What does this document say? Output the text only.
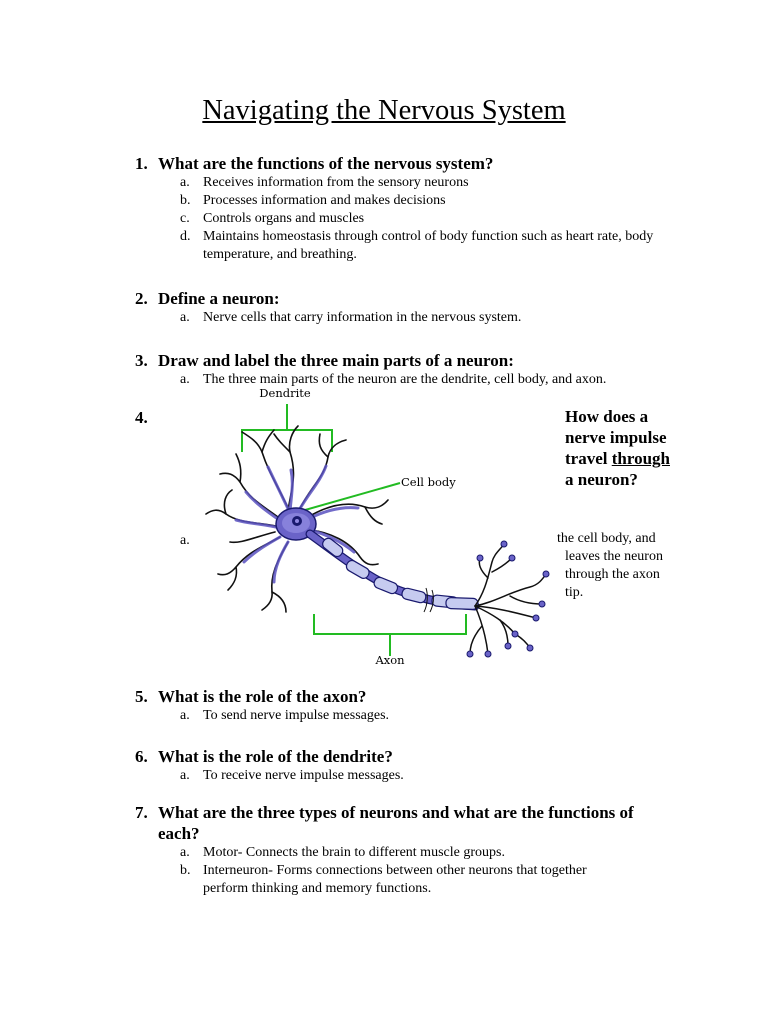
Navigating the Nervous System
1. What are the functions of the nervous system?
a. Receives information from the sensory neurons
b. Processes information and makes decisions
c. Controls organs and muscles
d. Maintains homeostasis through control of body function such as heart rate, body temperature, and breathing.
2. Define a neuron:
a. Nerve cells that carry information in the nervous system.
3. Draw and label the three main parts of a neuron:
a. The three main parts of the neuron are the dendrite, cell body, and axon.
4.
Dendrite
Cell body
Axon
a.
How does a nerve impulse travel through a neuron?
the cell body, and
leaves the neuron through the axon tip.
5. What is the role of the axon?
a. To send nerve impulse messages.
6. What is the role of the dendrite?
a. To receive nerve impulse messages.
7. What are the three types of neurons and what are the functions of each?
a. Motor- Connects the brain to different muscle groups.
b. Interneuron- Forms connections between other neurons that together perform thinking and memory functions.
